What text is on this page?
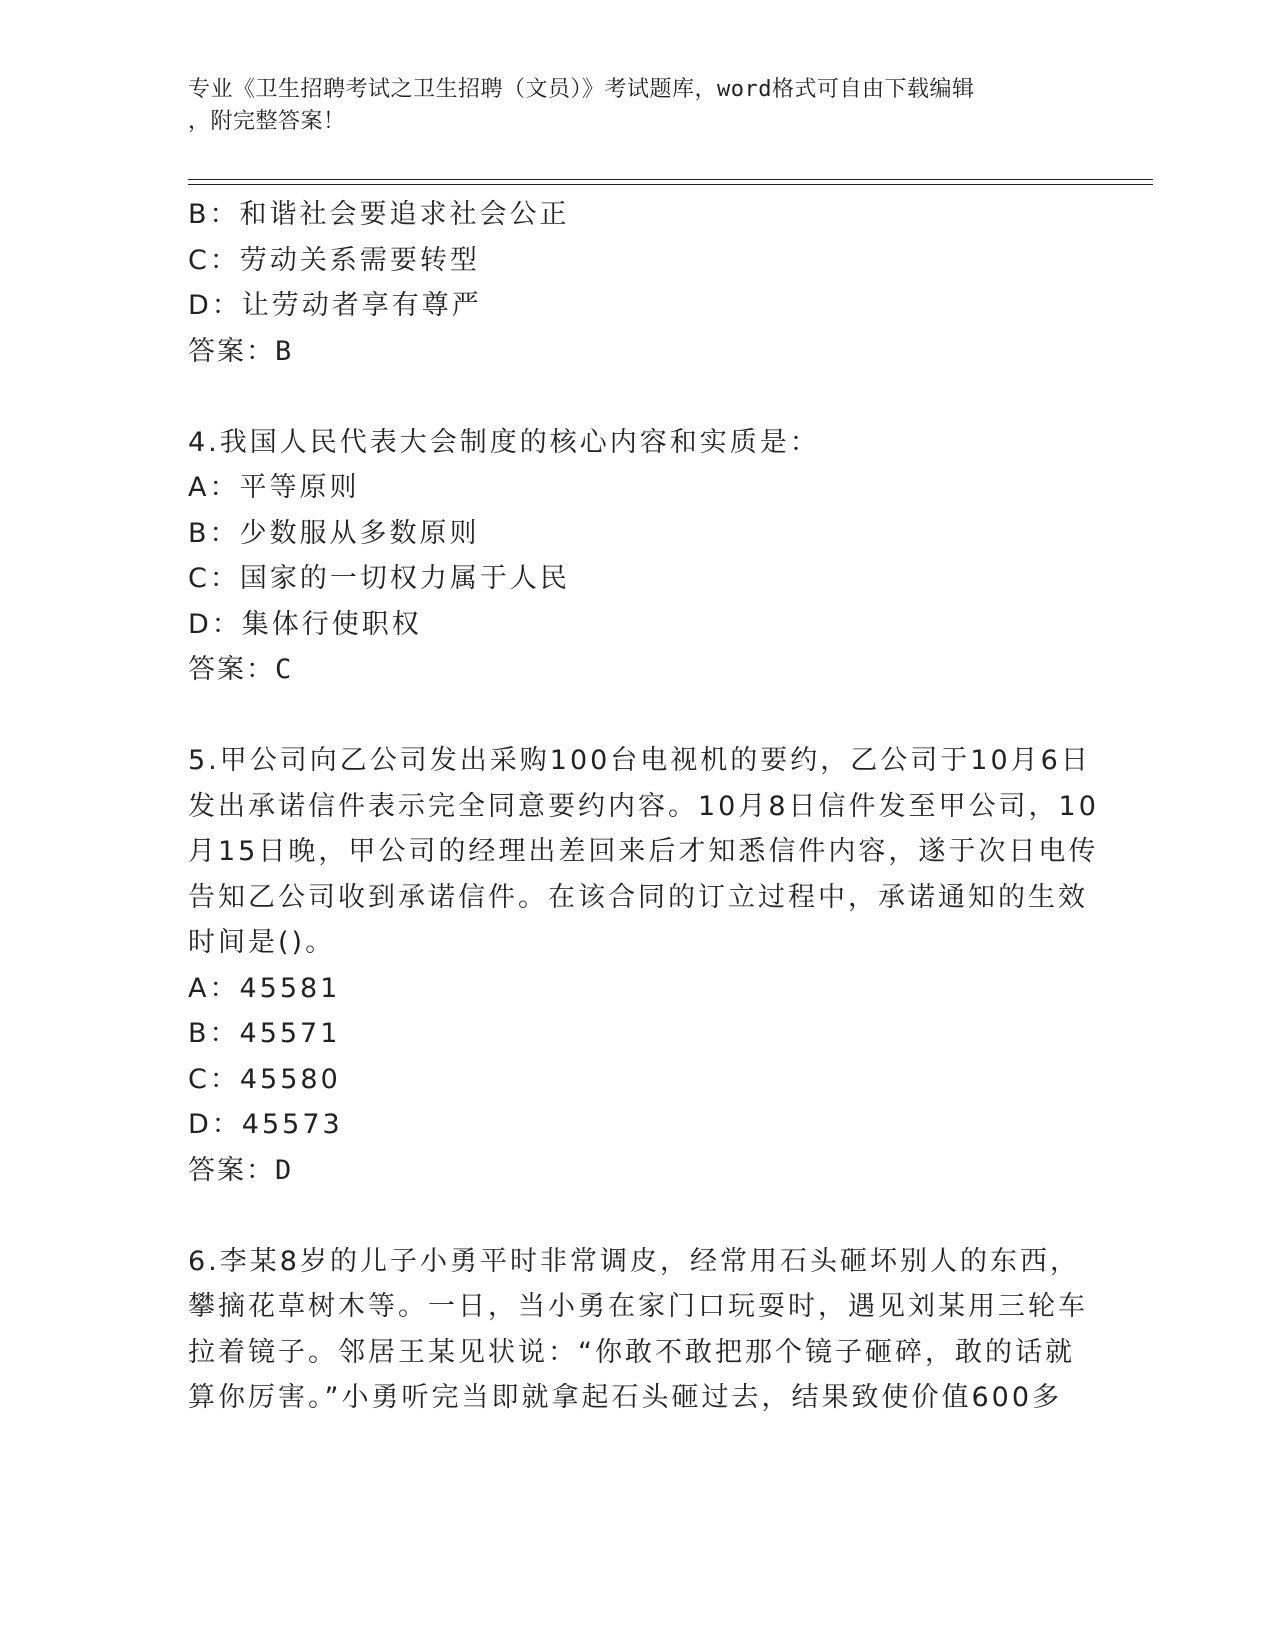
专业《卫生招聘考试之卫生招聘（文员）》考试题库，word格式可自由下载编辑
，附完整答案！
B：和谐社会要追求社会公正
C：劳动关系需要转型
D：让劳动者享有尊严
答案：B
4.我国人民代表大会制度的核心内容和实质是：
A：平等原则
B：少数服从多数原则
C：国家的一切权力属于人民
D：集体行使职权
答案：C
5.甲公司向乙公司发出采购100台电视机的要约，乙公司于10月6日
发出承诺信件表示完全同意要约内容。10月8日信件发至甲公司，10
月15日晚，甲公司的经理出差回来后才知悉信件内容，遂于次日电传
告知乙公司收到承诺信件。在该合同的订立过程中，承诺通知的生效
时间是()。
A：45581
B：45571
C：45580
D：45573
答案：D
6.李某8岁的儿子小勇平时非常调皮，经常用石头砸坏别人的东西，
攀摘花草树木等。一日，当小勇在家门口玩耍时，遇见刘某用三轮车
拉着镜子。邻居王某见状说：“你敢不敢把那个镜子砸碎，敢的话就
算你厉害。”小勇听完当即就拿起石头砸过去，结果致使价值600多
